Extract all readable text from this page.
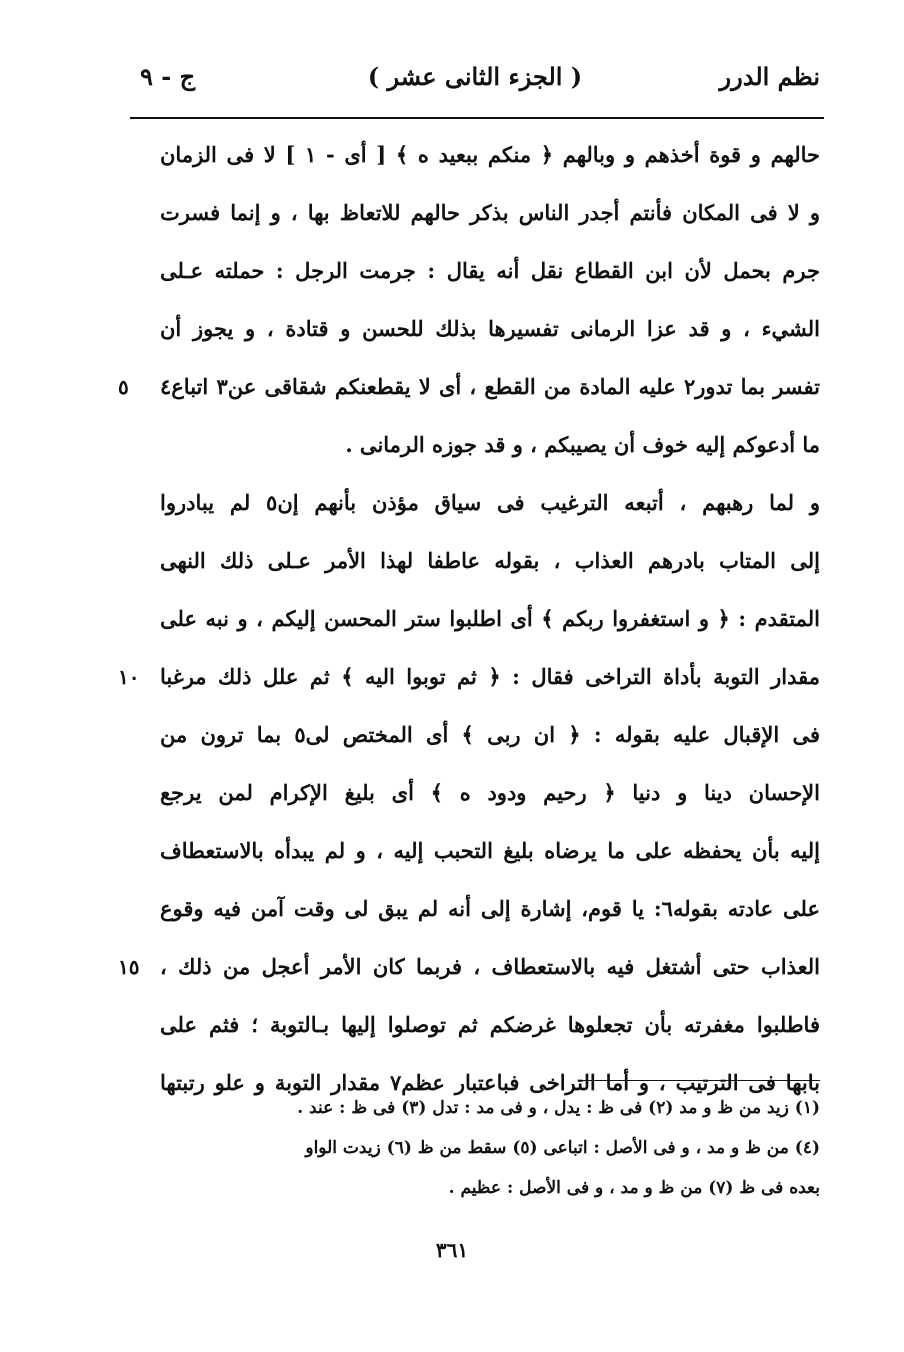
نظم الدرر
( الجزء الثانى عشر )
ج - ٩
حالهم و قوة أخذهم و وبالهم ﴿ منكم ببعيد ه ﴾ [ أى - ١ ] لا فى الزمان
و لا فى المكان فأنتم أجدر الناس بذكر حالهم للاتعاظ بها ، و إنما فسرت
جرم بحمل لأن ابن القطاع نقل أنه يقال : جرمت الرجل : حملته عـلى
الشيء ، و قد عزا الرمانى تفسيرها بذلك للحسن و قتادة ، و يجوز أن
تفسر بما تدور٢ عليه المادة من القطع ، أى لا يقطعنكم شقاقى عن٣ اتباع٤
٥
ما أدعوكم إليه خوف أن يصيبكم ، و قد جوزه الرمانى .
و لما رهبهم ، أتبعه الترغيب فى سياق مؤذن بأنهم إن٥ لم يبادروا
إلى المتاب بادرهم العذاب ، بقوله عاطفا لهذا الأمر عـلى ذلك النهى
المتقدم : ﴿ و استغفروا ربكم ﴾ أى اطلبوا ستر المحسن إليكم ، و نبه على
مقدار التوبة بأداة التراخى فقال : ﴿ ثم توبوا اليه ﴾ ثم علل ذلك مرغبا
١٠
فى الإقبال عليه بقوله : ﴿ ان ربى ﴾ أى المختص لى٥ بما ترون من
الإحسان دينا و دنيا ﴿ رحيم ودود ه ﴾ أى بليغ الإكرام لمن يرجع
إليه بأن يحفظه على ما يرضاه بليغ التحبب إليه ، و لم يبدأه بالاستعطاف
على عادته بقوله٦: يا قوم، إشارة إلى أنه لم يبق لى وقت آمن فيه وقوع
العذاب حتى أشتغل فيه بالاستعطاف ، فربما كان الأمر أعجل من ذلك ،
١٥
فاطلبوا مغفرته بأن تجعلوها غرضكم ثم توصلوا إليها بـالتوبة ؛ فثم على
بابها فى الترتيب ، و أما التراخى فباعتبار عظم٧ مقدار التوبة و علو رتبتها
(١) زيد من ظ و مد (٢) فى ظ : يدل ، و فى مد : تدل (٣) فى ظ : عند .
(٤) من ظ و مد ، و فى الأصل : اتباعى (٥) سقط من ظ (٦) زيدت الواو
بعده فى ظ (٧) من ظ و مد ، و فى الأصل : عظيم .
٣٦١
